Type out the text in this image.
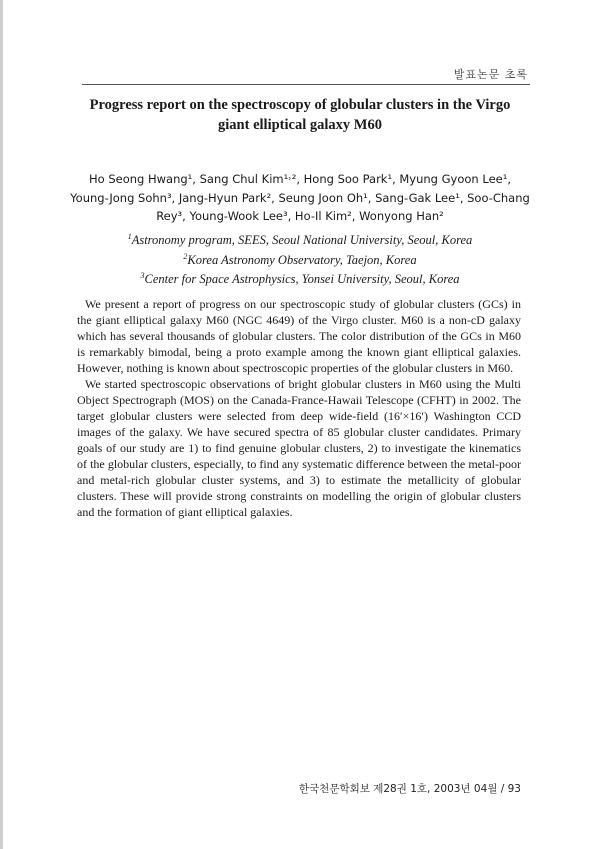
발표논문 초록
Progress report on the spectroscopy of globular clusters in the Virgo
giant elliptical galaxy M60
Ho Seong Hwang¹, Sang Chul Kim¹˒², Hong Soo Park¹, Myung Gyoon Lee¹,
Young-Jong Sohn³, Jang-Hyun Park², Seung Joon Oh¹, Sang-Gak Lee¹, Soo-Chang
Rey³, Young-Wook Lee³, Ho-Il Kim², Wonyong Han²
$^1$Astronomy program, SEES, Seoul National University, Seoul, Korea
$^2$Korea Astronomy Observatory, Taejon, Korea
$^3$Center for Space Astrophysics, Yonsei University, Seoul, Korea

We present a report of progress on our spectroscopic study of globular clusters (GCs) in the giant elliptical galaxy M60 (NGC 4649) of the Virgo cluster. M60 is a non-cD galaxy which has several thousands of globular clusters. The color distribution of the GCs in M60 is remarkably bimodal, being a proto example among the known giant elliptical galaxies. However, nothing is known about spectroscopic properties of the globular clusters in M60.

We started spectroscopic observations of bright globular clusters in M60 using the Multi Object Spectrograph (MOS) on the Canada-France-Hawaii Telescope (CFHT) in 2002. The target globular clusters were selected from deep wide-field (16′×16′) Washington CCD images of the galaxy. We have secured spectra of 85 globular cluster candidates. Primary goals of our study are 1) to find genuine globular clusters, 2) to investigate the kinematics of the globular clusters, especially, to find any systematic difference between the metal-poor and metal-rich globular cluster systems, and 3) to estimate the metallicity of globular clusters. These will provide strong constraints on modelling the origin of globular clusters and the formation of giant elliptical galaxies.

한국천문학회보 제28권 1호, 2003년 04월 / 93
